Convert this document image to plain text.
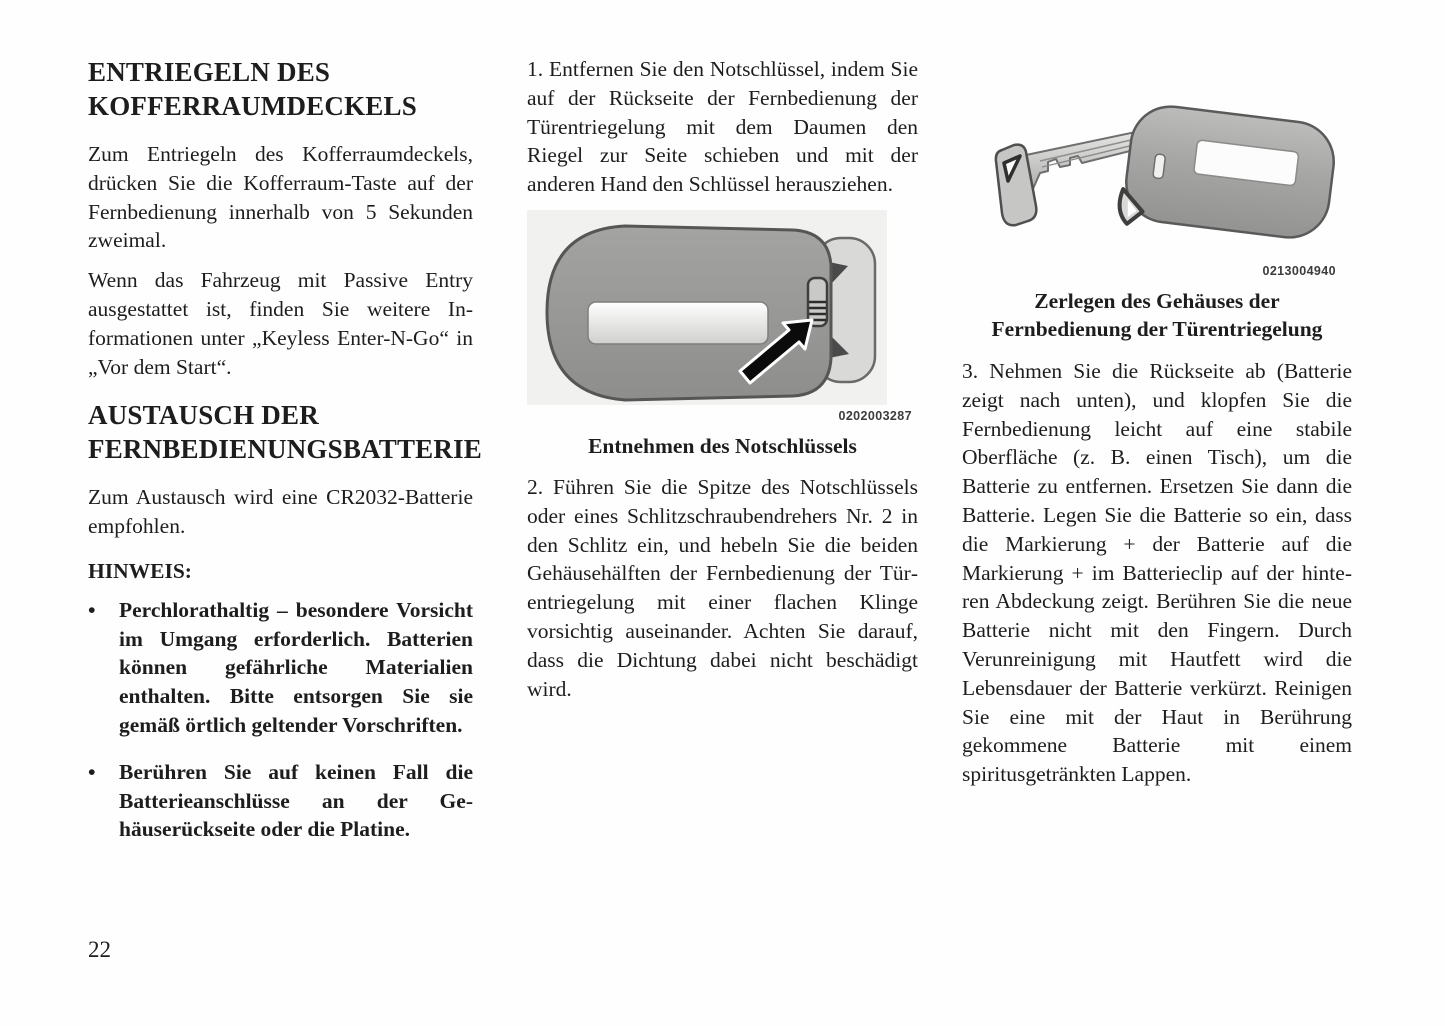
ENTRIEGELN DES KOFFERRAUMDECKELS

Zum Entriegeln des Kofferraumdeckels, drücken Sie die Kofferraum-Taste auf der Fernbedienung innerhalb von 5 Sekunden zweimal.

Wenn das Fahrzeug mit Passive Entry ausgestattet ist, finden Sie weitere Informationen unter „Keyless Enter-N-Go“ in „Vor dem Start“.

AUSTAUSCH DER FERNBEDIENUNGSBATTERIE

Zum Austausch wird eine CR2032-Batterie empfohlen.

HINWEIS:
•	Perchlorathaltig – besondere Vorsicht im Umgang erforderlich. Batterien können gefährliche Materialien enthalten. Bitte entsorgen Sie sie gemäß örtlich geltender Vorschriften.
•	Berühren Sie auf keinen Fall die Batterieanschlüsse an der Gehäuserückseite oder die Platine.

1. Entfernen Sie den Notschlüssel, indem Sie auf der Rückseite der Fernbedienung der Türentriegelung mit dem Daumen den Riegel zur Seite schieben und mit der anderen Hand den Schlüssel herausziehen.

0202003287
Entnehmen des Notschlüssels

2. Führen Sie die Spitze des Notschlüssels oder eines Schlitzschraubendrehers Nr. 2 in den Schlitz ein, und hebeln Sie die beiden Gehäusehälften der Fernbedienung der Türentriegelung mit einer flachen Klinge vorsichtig auseinander. Achten Sie darauf, dass die Dichtung dabei nicht beschädigt wird.

0213004940
Zerlegen des Gehäuses der Fernbedienung der Türentriegelung

3. Nehmen Sie die Rückseite ab (Batterie zeigt nach unten), und klopfen Sie die Fernbedienung leicht auf eine stabile Oberfläche (z. B. einen Tisch), um die Batterie zu entfernen. Ersetzen Sie dann die Batterie. Legen Sie die Batterie so ein, dass die Markierung + der Batterie auf die Markierung + im Batterieclip auf der hinteren Abdeckung zeigt. Berühren Sie die neue Batterie nicht mit den Fingern. Durch Verunreinigung mit Hautfett wird die Lebensdauer der Batterie verkürzt. Reinigen Sie eine mit der Haut in Berührung gekommene Batterie mit einem spiritusgetränkten Lappen.

22
